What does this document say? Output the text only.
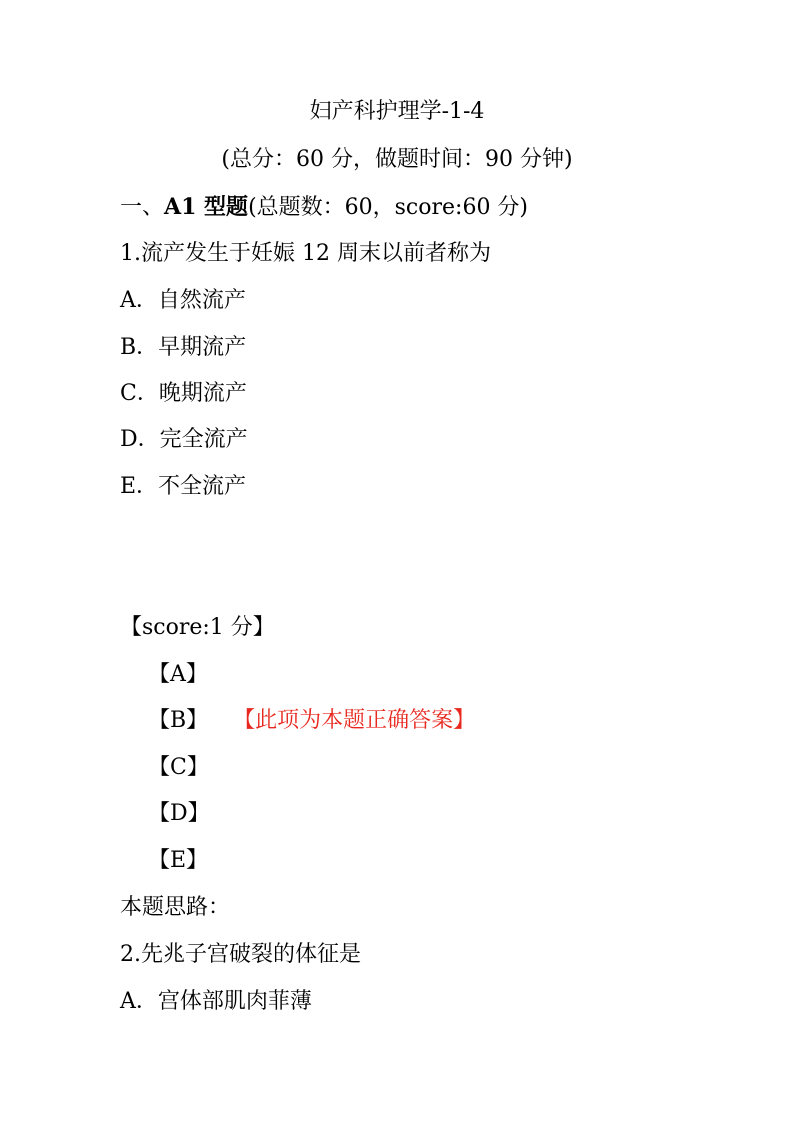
妇产科护理学-1-4
(总分：60 分，做题时间：90 分钟)
一、A1 型题(总题数：60，score:60 分)
1.流产发生于妊娠 12 周末以前者称为
A．自然流产
B．早期流产
C．晚期流产
D．完全流产
E．不全流产
【score:1 分】
【A】
【B】 【此项为本题正确答案】
【C】
【D】
【E】
本题思路：
2.先兆子宫破裂的体征是
A．宫体部肌肉菲薄
